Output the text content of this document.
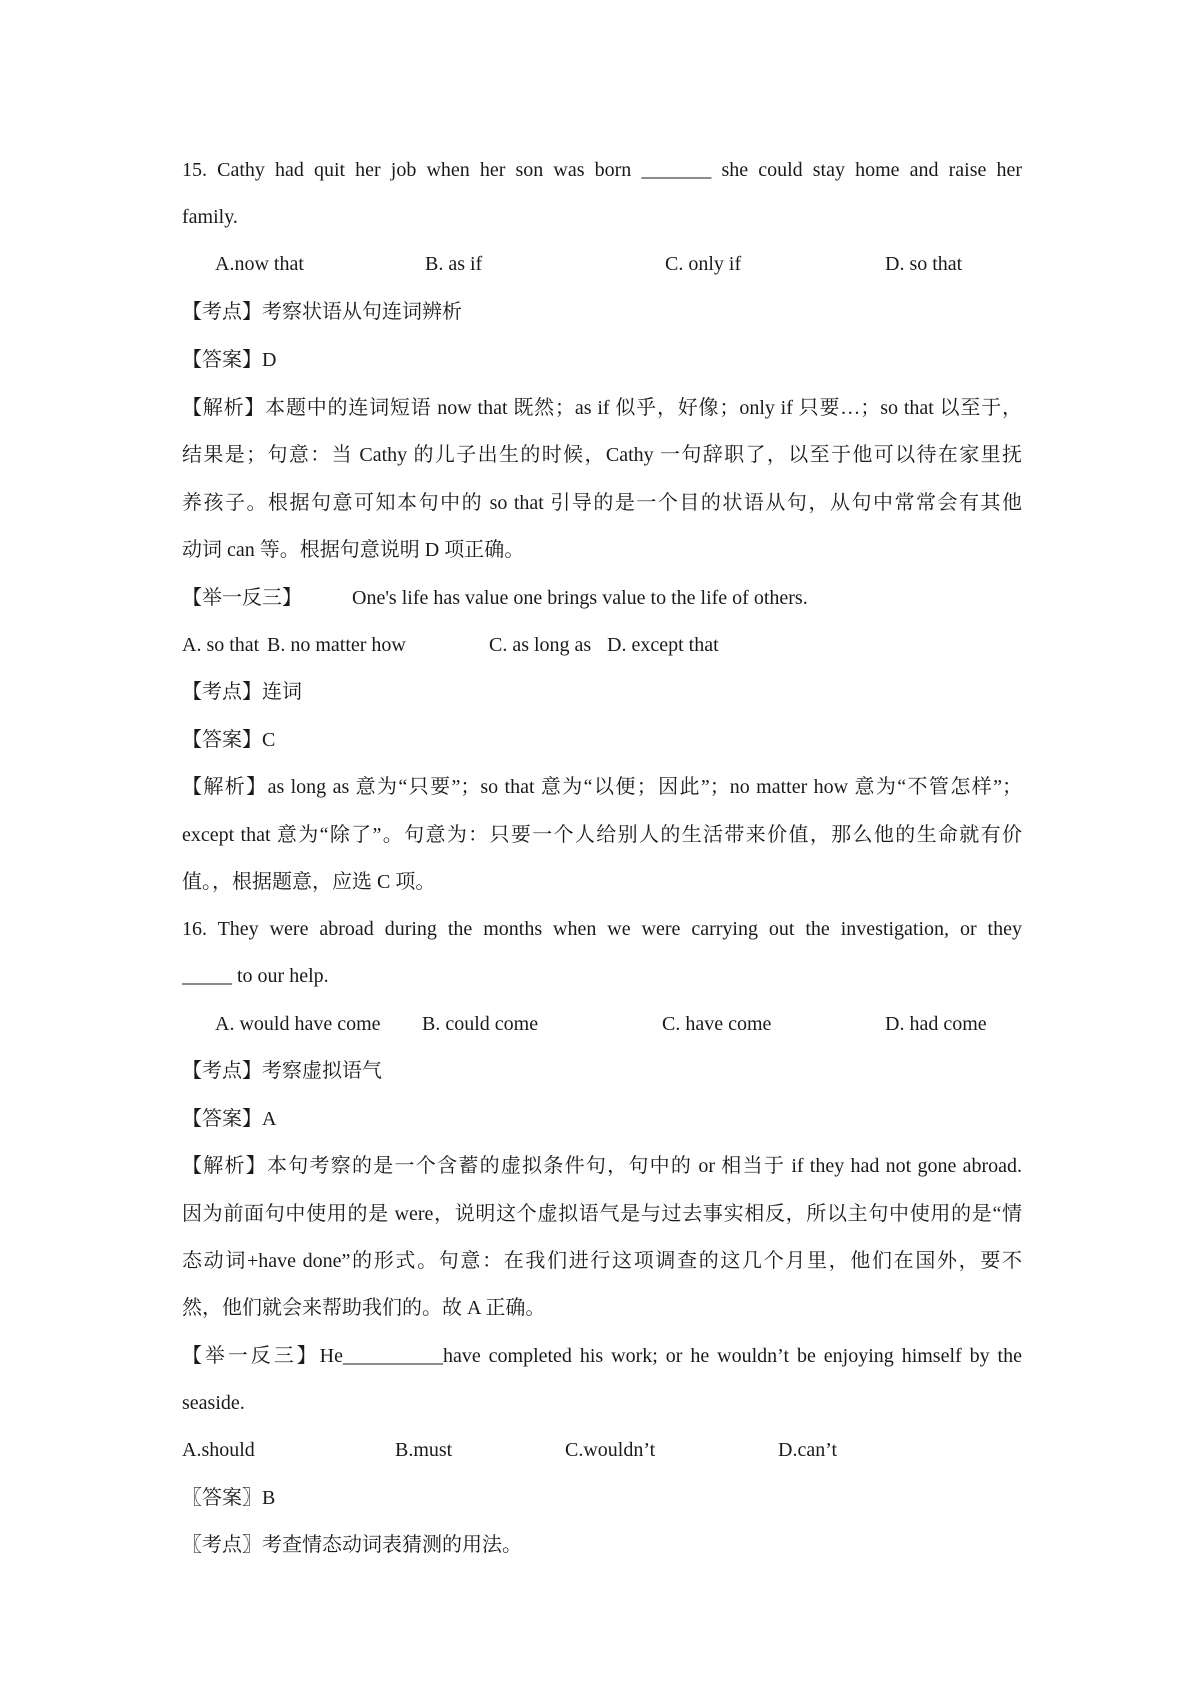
15. Cathy had quit her job when her son was born _______ she could stay home and raise her
family.
A.now that	B. as if	C. only if	D. so that
【考点】考察状语从句连词辨析
【答案】D
【解析】本题中的连词短语 now that 既然；as if 似乎，好像；only if 只要…；so that 以至于，
结果是；句意：当 Cathy 的儿子出生的时候，Cathy 一句辞职了，以至于他可以待在家里抚
养孩子。根据句意可知本句中的 so that 引导的是一个目的状语从句，从句中常常会有其他
动词 can 等。根据句意说明 D 项正确。
【举一反三】	One's life has value one brings value to the life of others.
A. so that B. no matter how	C. as long as D. except that
【考点】连词
【答案】C
【解析】as long as 意为“只要”；so that 意为“以便；因此”；no matter how 意为“不管怎样”；
except that 意为“除了”。句意为：只要一个人给别人的生活带来价值，那么他的生命就有价
值。，根据题意，应选 C 项。
16. They were abroad during the months when we were carrying out the investigation, or they
_____ to our help.
A. would have come B. could come	C. have come	D. had come
【考点】考察虚拟语气
【答案】A
【解析】本句考察的是一个含蓄的虚拟条件句，句中的 or 相当于 if they had not gone abroad.
因为前面句中使用的是 were，说明这个虚拟语气是与过去事实相反，所以主句中使用的是“情
态动词+have done”的形式。句意：在我们进行这项调查的这几个月里，他们在国外，要不
然，他们就会来帮助我们的。故 A 正确。
【举一反三】He__________have completed his work; or he wouldn’t be enjoying himself by the
seaside.
A.should	B.must	C.wouldn’t	D.can’t
〖答案〗B
〖考点〗考查情态动词表猜测的用法。
